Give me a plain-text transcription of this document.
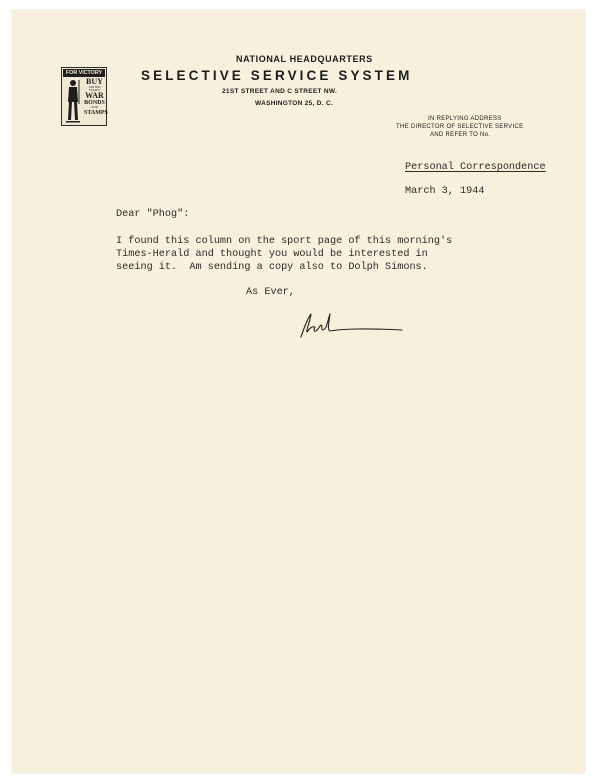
FOR VICTORY
BUY
UNITED STATES
WAR
BONDS
AND
STAMPS
NATIONAL HEADQUARTERS
SELECTIVE SERVICE SYSTEM
21ST STREET AND C STREET NW.
WASHINGTON 25, D. C.
IN REPLYING ADDRESS
THE DIRECTOR OF SELECTIVE SERVICE
AND REFER TO No.
Personal Correspondence
March 3, 1944
Dear "Phog":
I found this column on the sport page of this morning's
Times-Herald and thought you would be interested in
seeing it.  Am sending a copy also to Dolph Simons.
As Ever,
